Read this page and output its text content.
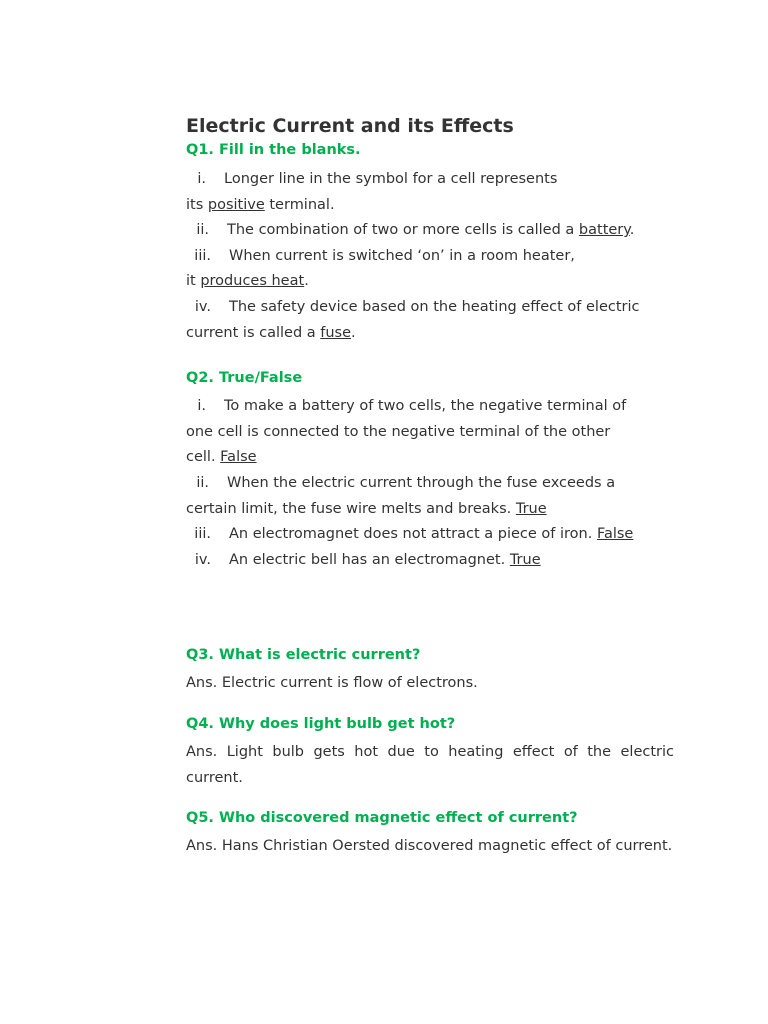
Electric Current and its Effects

Q1. Fill in the blanks.

i. Longer line in the symbol for a cell represents
its positive terminal.
ii. The combination of two or more cells is called a battery.
iii. When current is switched ‘on’ in a room heater,
it produces heat.
iv. The safety device based on the heating effect of electric
current is called a fuse.

Q2. True/False

i. To make a battery of two cells, the negative terminal of
one cell is connected to the negative terminal of the other
cell. False
ii. When the electric current through the fuse exceeds a
certain limit, the fuse wire melts and breaks. True
iii. An electromagnet does not attract a piece of iron. False
iv. An electric bell has an electromagnet. True

Q3. What is electric current?

Ans. Electric current is flow of electrons.

Q4. Why does light bulb get hot?

Ans. Light bulb gets hot due to heating effect of the electric current.

Q5. Who discovered magnetic effect of current?

Ans. Hans Christian Oersted discovered magnetic effect of current.
